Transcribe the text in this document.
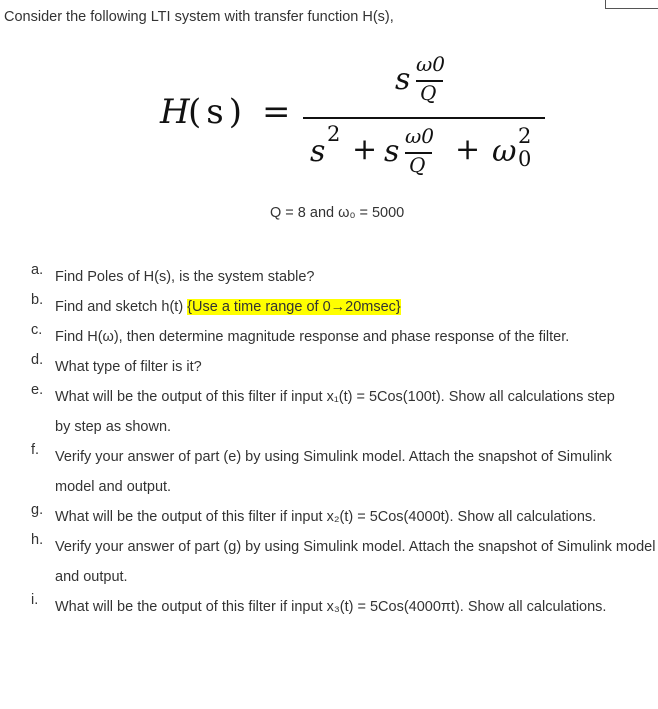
Consider the following LTI system with transfer function H(s),
H
(s) =
s ω0
Q
s 2 + s ω0
Q + ω 2
0
Q = 8 and ω₀ = 5000
a. Find Poles of H(s), is the system stable?
b. Find and sketch h(t) {Use a time range of 0→20msec}
c. Find H(ω), then determine magnitude response and phase response of the filter.
d. What type of filter is it?
e. What will be the output of this filter if input x₁(t) = 5Cos(100t). Show all calculations step by step as shown.
f. Verify your answer of part (e) by using Simulink model. Attach the snapshot of Simulink model and output.
g. What will be the output of this filter if input x₂(t) = 5Cos(4000t). Show all calculations.
h. Verify your answer of part (g) by using Simulink model. Attach the snapshot of Simulink model and output.
i. What will be the output of this filter if input x₃(t) = 5Cos(4000πt). Show all calculations.
